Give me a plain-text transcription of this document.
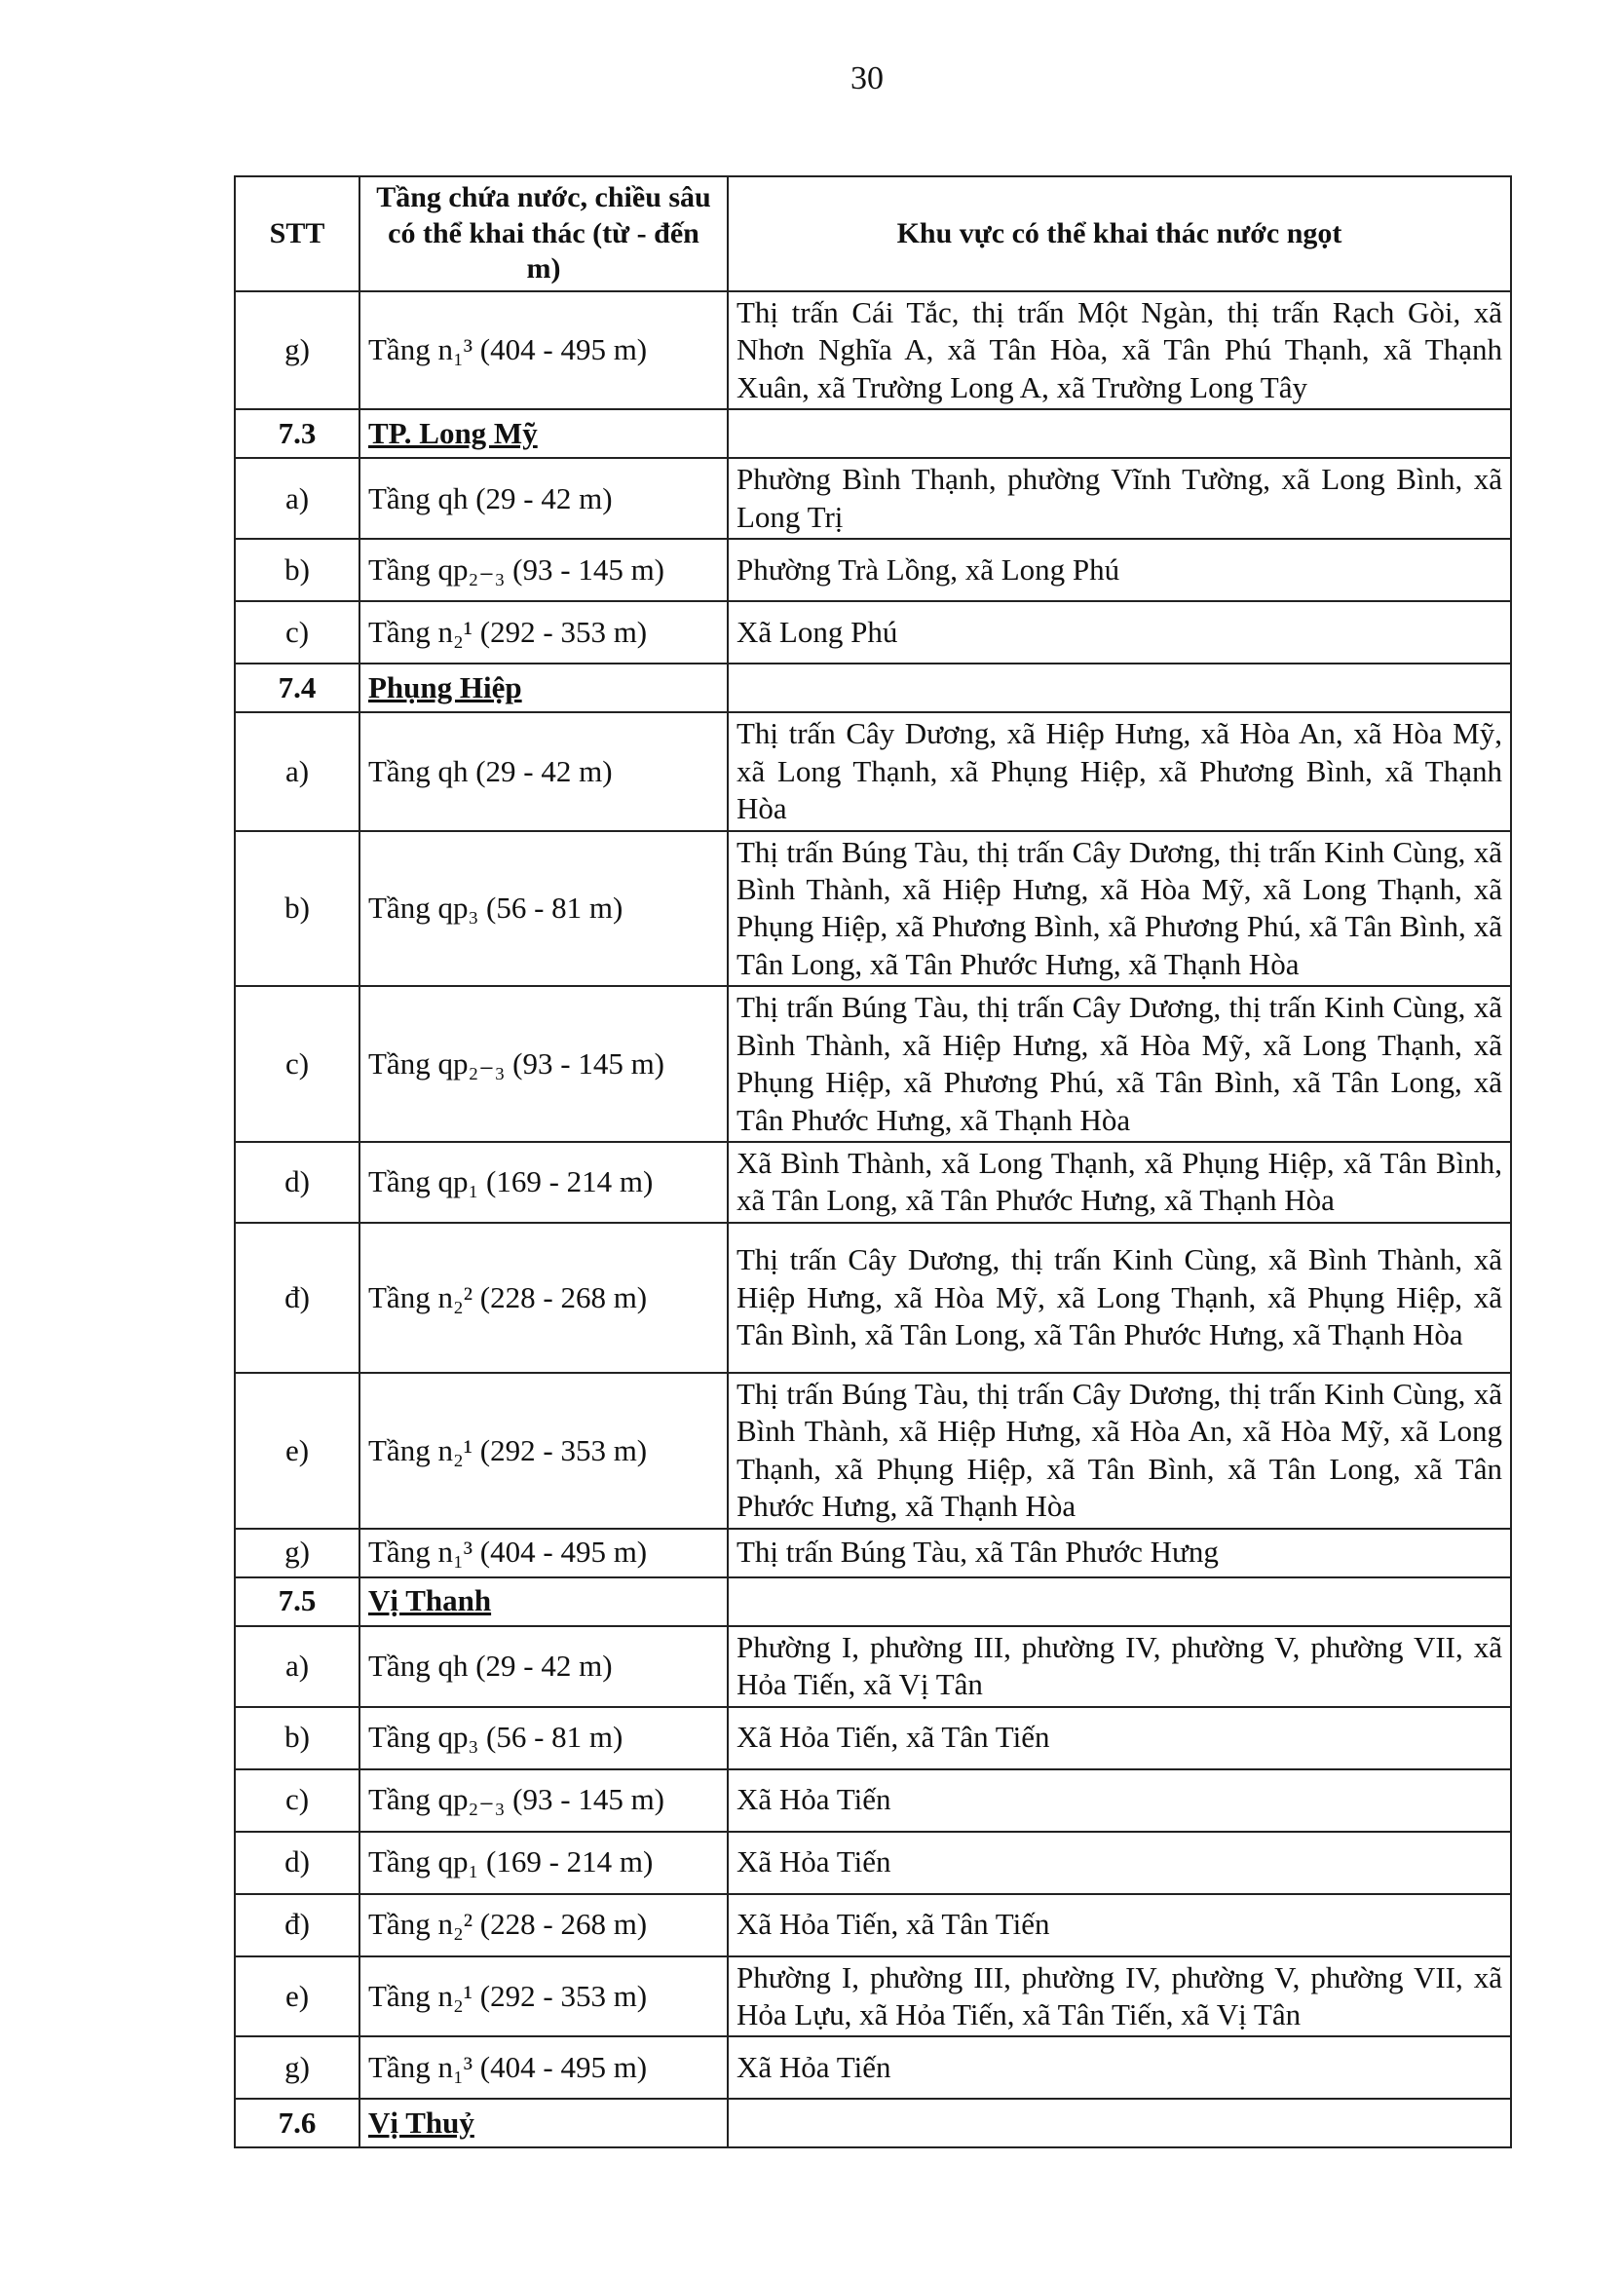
30
STT	Tầng chứa nước, chiều sâu có thể khai thác (từ - đến m)	Khu vực có thể khai thác nước ngọt
g)	Tầng n₁³ (404 - 495 m)	Thị trấn Cái Tắc, thị trấn Một Ngàn, thị trấn Rạch Gòi, xã Nhơn Nghĩa A, xã Tân Hòa, xã Tân Phú Thạnh, xã Thạnh Xuân, xã Trường Long A, xã Trường Long Tây
7.3	TP. Long Mỹ	
a)	Tầng qh (29 - 42 m)	Phường Bình Thạnh, phường Vĩnh Tường, xã Long Bình, xã Long Trị
b)	Tầng qp₂₋₃ (93 - 145 m)	Phường Trà Lồng, xã Long Phú
c)	Tầng n₂¹ (292 - 353 m)	Xã Long Phú
7.4	Phụng Hiệp	
a)	Tầng qh (29 - 42 m)	Thị trấn Cây Dương, xã Hiệp Hưng, xã Hòa An, xã Hòa Mỹ, xã Long Thạnh, xã Phụng Hiệp, xã Phương Bình, xã Thạnh Hòa
b)	Tầng qp₃ (56 - 81 m)	Thị trấn Búng Tàu, thị trấn Cây Dương, thị trấn Kinh Cùng, xã Bình Thành, xã Hiệp Hưng, xã Hòa Mỹ, xã Long Thạnh, xã Phụng Hiệp, xã Phương Bình, xã Phương Phú, xã Tân Bình, xã Tân Long, xã Tân Phước Hưng, xã Thạnh Hòa
c)	Tầng qp₂₋₃ (93 - 145 m)	Thị trấn Búng Tàu, thị trấn Cây Dương, thị trấn Kinh Cùng, xã Bình Thành, xã Hiệp Hưng, xã Hòa Mỹ, xã Long Thạnh, xã Phụng Hiệp, xã Phương Phú, xã Tân Bình, xã Tân Long, xã Tân Phước Hưng, xã Thạnh Hòa
d)	Tầng qp₁ (169 - 214 m)	Xã Bình Thành, xã Long Thạnh, xã Phụng Hiệp, xã Tân Bình, xã Tân Long, xã Tân Phước Hưng, xã Thạnh Hòa
đ)	Tầng n₂² (228 - 268 m)	Thị trấn Cây Dương, thị trấn Kinh Cùng, xã Bình Thành, xã Hiệp Hưng, xã Hòa Mỹ, xã Long Thạnh, xã Phụng Hiệp, xã Tân Bình, xã Tân Long, xã Tân Phước Hưng, xã Thạnh Hòa
e)	Tầng n₂¹ (292 - 353 m)	Thị trấn Búng Tàu, thị trấn Cây Dương, thị trấn Kinh Cùng, xã Bình Thành, xã Hiệp Hưng, xã Hòa An, xã Hòa Mỹ, xã Long Thạnh, xã Phụng Hiệp, xã Tân Bình, xã Tân Long, xã Tân Phước Hưng, xã Thạnh Hòa
g)	Tầng n₁³ (404 - 495 m)	Thị trấn Búng Tàu, xã Tân Phước Hưng
7.5	Vị Thanh	
a)	Tầng qh (29 - 42 m)	Phường I, phường III, phường IV, phường V, phường VII, xã Hỏa Tiến, xã Vị Tân
b)	Tầng qp₃ (56 - 81 m)	Xã Hỏa Tiến, xã Tân Tiến
c)	Tầng qp₂₋₃ (93 - 145 m)	Xã Hỏa Tiến
d)	Tầng qp₁ (169 - 214 m)	Xã Hỏa Tiến
đ)	Tầng n₂² (228 - 268 m)	Xã Hỏa Tiến, xã Tân Tiến
e)	Tầng n₂¹ (292 - 353 m)	Phường I, phường III, phường IV, phường V, phường VII, xã Hỏa Lựu, xã Hỏa Tiến, xã Tân Tiến, xã Vị Tân
g)	Tầng n₁³ (404 - 495 m)	Xã Hỏa Tiến
7.6	Vị Thuỷ	
